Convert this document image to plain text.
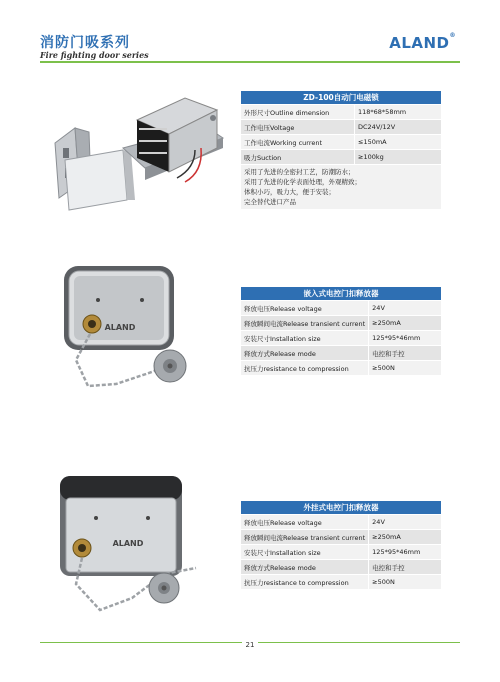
消防门吸系列
Fire fighting door series
ALAND®
ZD-100自动门电磁锁	
外形尺寸Outline dimension	118*68*58mm
工作电压Voltage	DC24V/12V
工作电流Working current	≤150mA
吸力Suction	≥100kg

采用了先进的全密封工艺，防潮防水；
采用了先进的化学表面处理，外观精致；
体积小巧，吸力大，便于安装；
完全替代进口产品	
ALAND
嵌入式电控门扣释放器	
释放电压Release voltage	24V
释放瞬间电流Release transient current	≥250mA
安装尺寸Installation size	125*95*46mm
释放方式Release mode	电控和手控
抗压力resistance to compression	≥500N
ALAND
外挂式电控门扣释放器	
释放电压Release voltage	24V
释放瞬间电流Release transient current	≥250mA
安装尺寸Installation size	125*95*46mm
释放方式Release mode	电控和手控
抗压力resistance to compression	≥500N
21
